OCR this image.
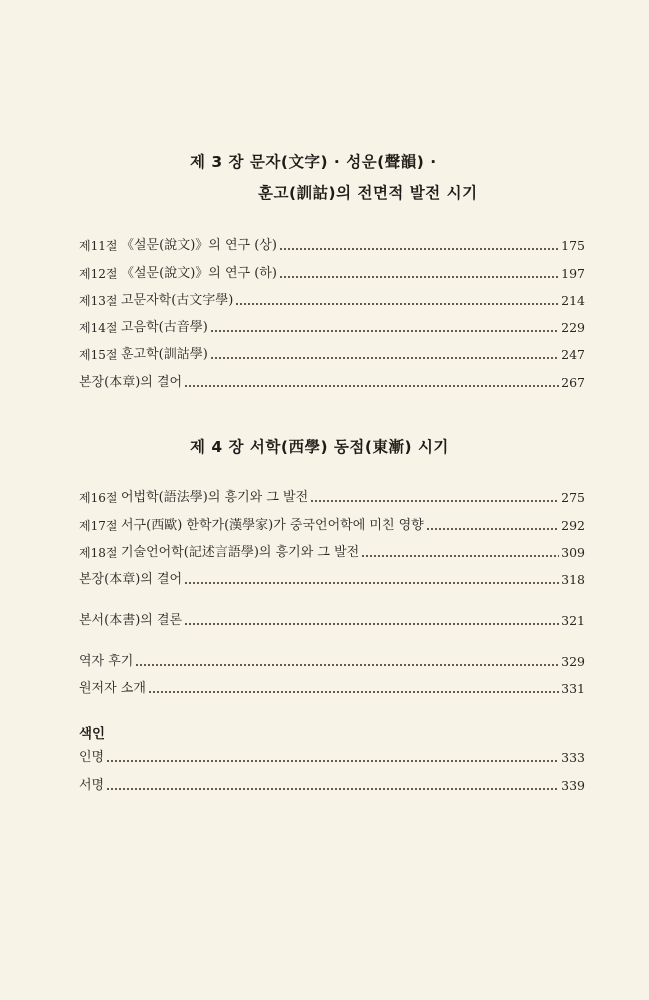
제 3 장 문자(文字) · 성운(聲韻) ·
훈고(訓詁)의 전면적 발전 시기
제11절 《설문(說文)》의 연구 (상)	175
제12절 《설문(說文)》의 연구 (하)	197
제13절 고문자학(古文字學)	214
제14절 고음학(古音學)	229
제15절 훈고학(訓詁學)	247
본장(本章)의 결어	267
제 4 장 서학(西學) 동점(東漸) 시기
제16절 어법학(語法學)의 흥기와 그 발전	275
제17절 서구(西歐) 한학가(漢學家)가 중국언어학에 미친 영향	292
제18절 기술언어학(記述言語學)의 흥기와 그 발전	309
본장(本章)의 결어	318
본서(本書)의 결론	321
역자 후기	329
원저자 소개	331
색인
인명	333
서명	339
